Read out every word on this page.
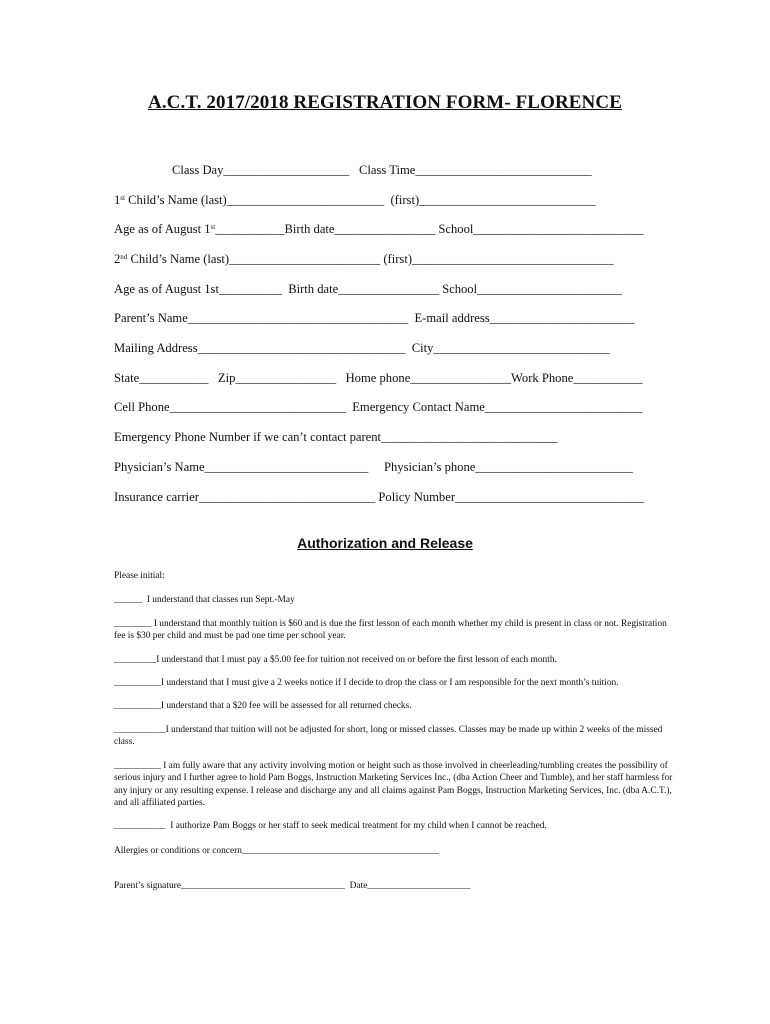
A.C.T. 2017/2018 REGISTRATION FORM- FLORENCE
Class Day____________________ Class Time____________________________
1st Child’s Name (last)_________________________  (first)____________________________
Age as of August 1st___________Birth date________________ School___________________________
2nd Child’s Name (last)________________________ (first)________________________________
Age as of August 1st__________  Birth date________________ School_______________________
Parent’s Name___________________________________  E-mail address_______________________
Mailing Address_________________________________  City____________________________
State___________   Zip________________   Home phone________________Work Phone___________
Cell Phone____________________________  Emergency Contact Name_________________________
Emergency Phone Number if we can’t contact parent____________________________
Physician’s Name__________________________     Physician’s phone_________________________
Insurance carrier____________________________ Policy Number______________________________
Authorization and Release
Please initial:
______  I understand that classes run Sept.-May
________ I understand that monthly tuition is $60 and is due the first lesson of each month whether my child is present in class or not. Registration fee is $30 per child and must be pad one time per school year.
_________I understand that I must pay a $5.00 fee for tuition not received on or before the first lesson of each month.
__________I understand that I must give a 2 weeks notice if I decide to drop the class or I am responsible for the next month’s tuition.
__________I understand that a $20 fee will be assessed for all returned checks.
___________I understand that tuition will not be adjusted for short, long or missed classes. Classes may be made up within 2 weeks of the missed class.
__________ I am fully aware that any activity involving motion or height such as those involved in cheerleading/tumbling creates the possibility of serious injury and I further agree to hold Pam Boggs, Instruction Marketing Services Inc., (dba Action Cheer and Tumble), and her staff harmless for any injury or any resulting expense. I release and discharge any and all claims against Pam Boggs, Instruction Marketing Services, Inc. (dba A.C.T.), and all affiliated parties.
___________  I authorize Pam Boggs or her staff to seek medical treatment for my child when I cannot be reached.
Allergies or conditions or concern__________________________________________
Parent’s signature___________________________________  Date______________________
